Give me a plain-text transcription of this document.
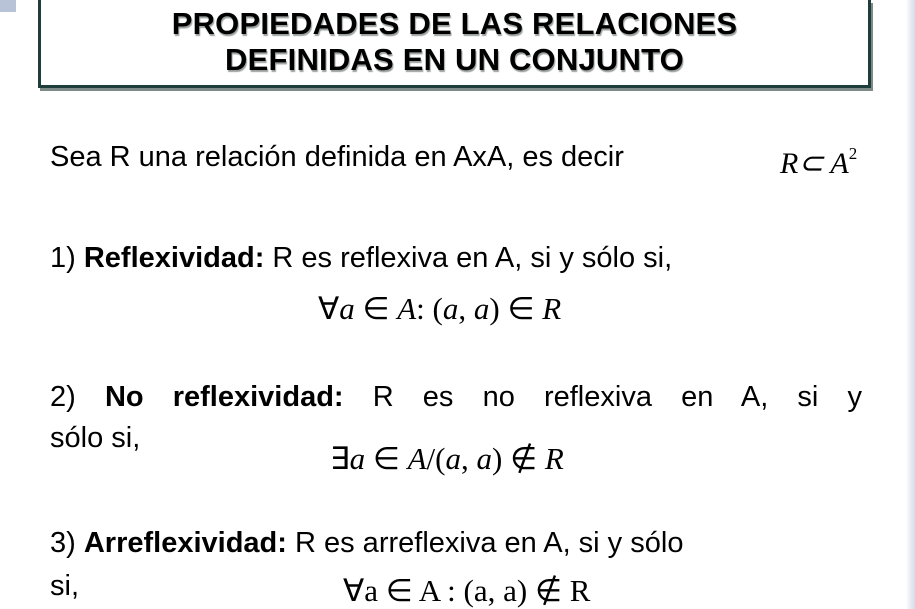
PROPIEDADES DE LAS RELACIONES
DEFINIDAS EN UN CONJUNTO
Sea R una relación definida en AxA, es decir	R⊂ $A^2$
1) Reflexividad: R es reflexiva en A, si y sólo si,
∀a ∈ A: (a, a) ∈ R
2) No reflexividad: R es no reflexiva en A, si y
sólo si,
∃a ∈ A/(a, a) ∉ R
3) Arreflexividad: R es arreflexiva en A, si y sólo
si,	∀a ∈ A : (a, a) ∉ R
